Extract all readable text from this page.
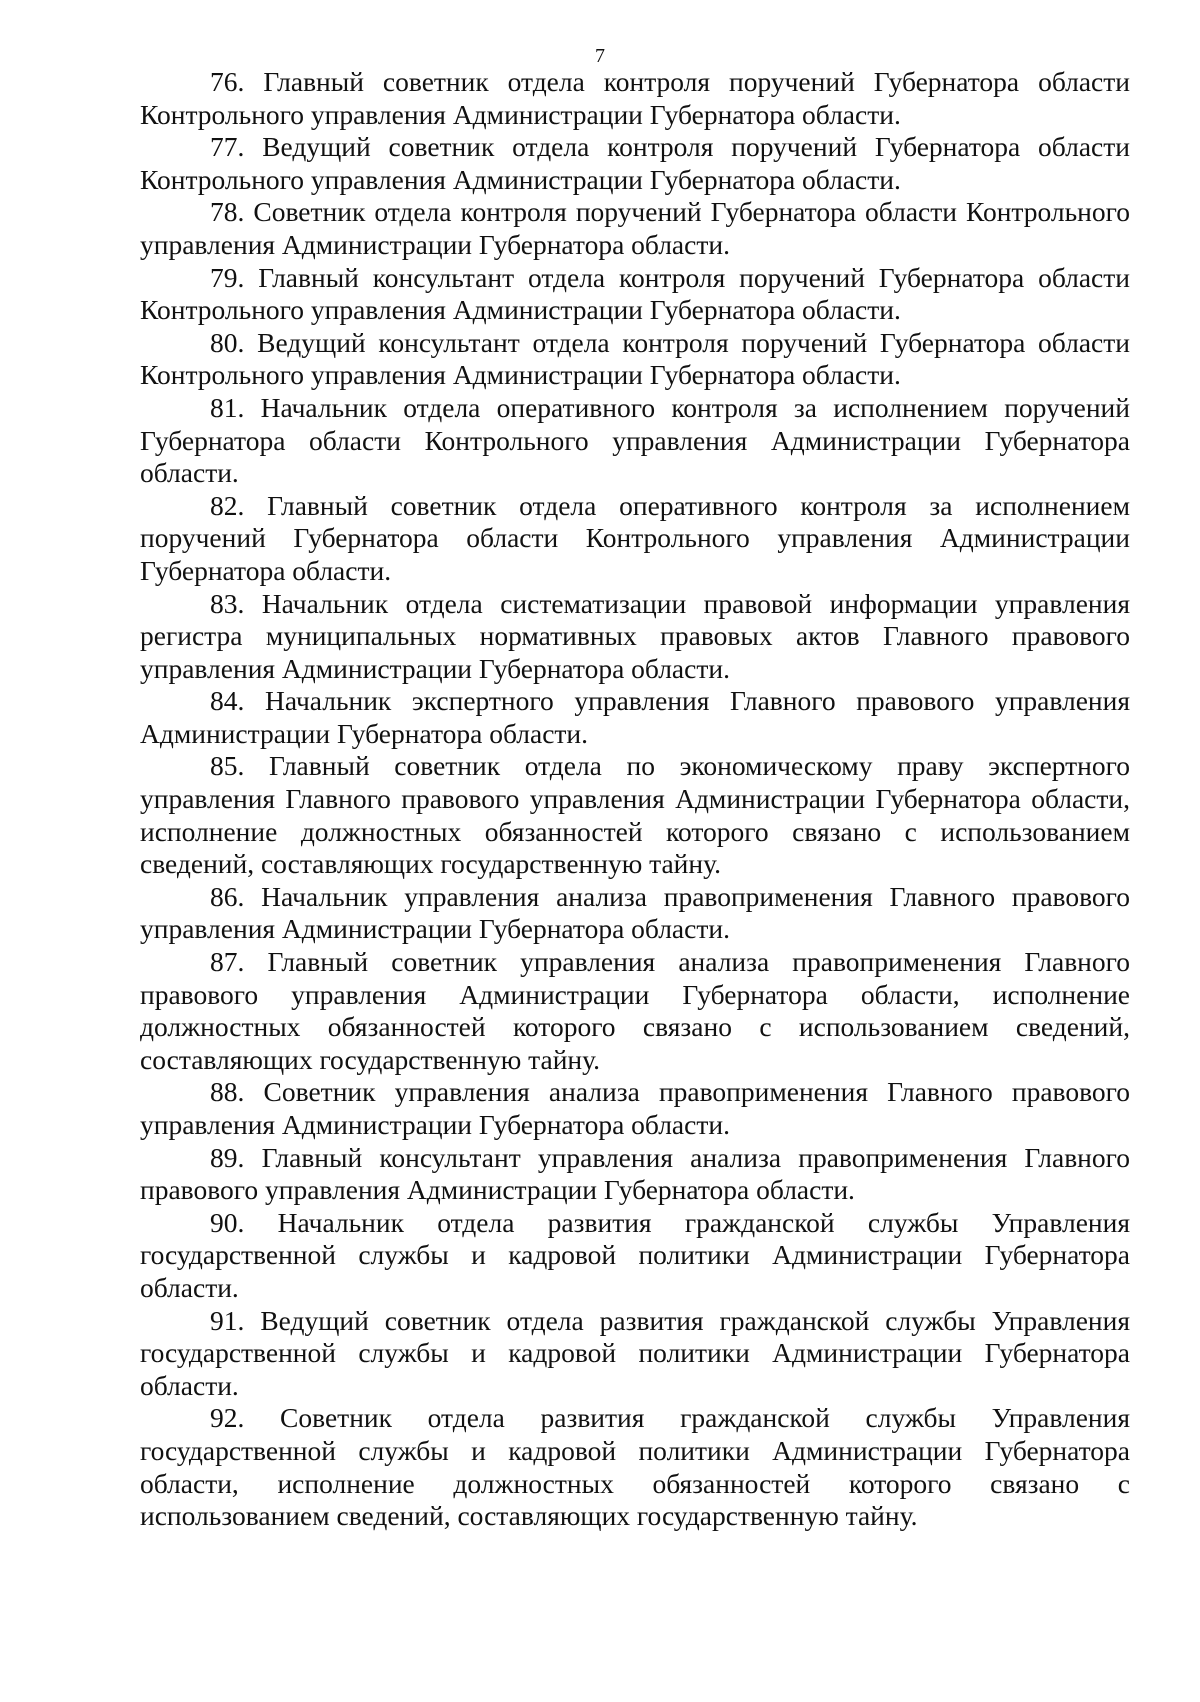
7

76. Главный советник отдела контроля поручений Губернатора области Контрольного управления Администрации Губернатора области.

77. Ведущий советник отдела контроля поручений Губернатора области Контрольного управления Администрации Губернатора области.

78. Советник отдела контроля поручений Губернатора области Контрольного управления Администрации Губернатора области.

79. Главный консультант отдела контроля поручений Губернатора области Контрольного управления Администрации Губернатора области.

80. Ведущий консультант отдела контроля поручений Губернатора области Контрольного управления Администрации Губернатора области.

81. Начальник отдела оперативного контроля за исполнением поручений Губернатора области Контрольного управления Администрации Губернатора области.

82. Главный советник отдела оперативного контроля за исполнением поручений Губернатора области Контрольного управления Администрации Губернатора области.

83. Начальник отдела систематизации правовой информации управления регистра муниципальных нормативных правовых актов Главного правового управления Администрации Губернатора области.

84. Начальник экспертного управления Главного правового управления Администрации Губернатора области.

85. Главный советник отдела по экономическому праву экспертного управления Главного правового управления Администрации Губернатора области, исполнение должностных обязанностей которого связано с использованием сведений, составляющих государственную тайну.

86. Начальник управления анализа правоприменения Главного правового управления Администрации Губернатора области.

87. Главный советник управления анализа правоприменения Главного правового управления Администрации Губернатора области, исполнение должностных обязанностей которого связано с использованием сведений, составляющих государственную тайну.

88. Советник управления анализа правоприменения Главного правового управления Администрации Губернатора области.

89. Главный консультант управления анализа правоприменения Главного правового управления Администрации Губернатора области.

90. Начальник отдела развития гражданской службы Управления государственной службы и кадровой политики Администрации Губернатора области.

91. Ведущий советник отдела развития гражданской службы Управления государственной службы и кадровой политики Администрации Губернатора области.

92. Советник отдела развития гражданской службы Управления государственной службы и кадровой политики Администрации Губернатора области, исполнение должностных обязанностей которого связано с использованием сведений, составляющих государственную тайну.
